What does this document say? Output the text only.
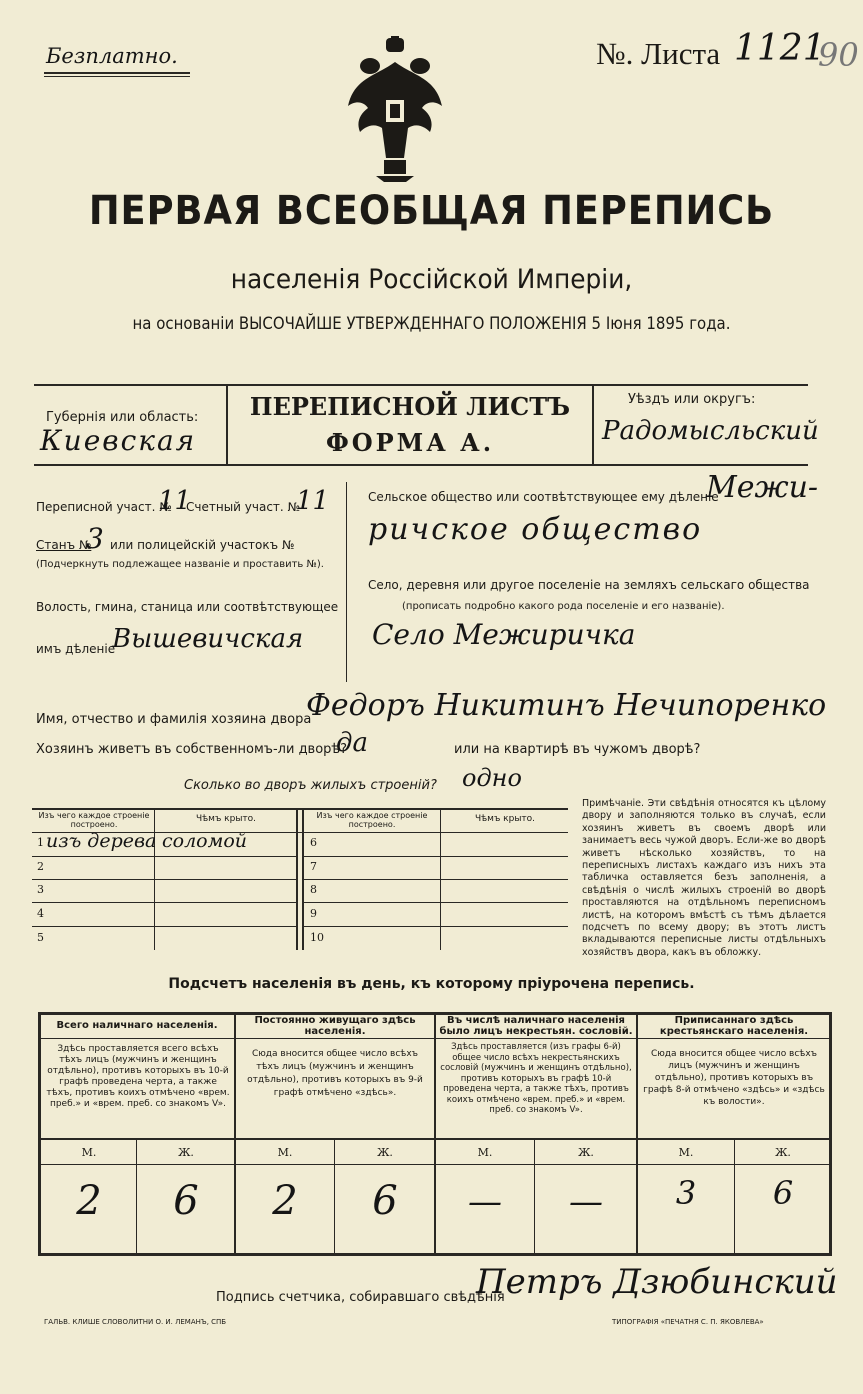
Безплатно.	№. Листа 1121
90
ПЕРВАЯ ВСЕОБЩАЯ ПЕРЕПИСЬ
населенія Россійской Имперіи,
на основаніи ВЫСОЧАЙШЕ УТВЕРЖДЕННАГО ПОЛОЖЕНІЯ 5 Іюня 1895 года.
Губернія или область:
Киевская
ПЕРЕПИСНОЙ ЛИСТЪ
ФОРМА А.
Уѣздъ или округъ:
Радомысльский
Переписной участ. №
11
Счетный участ. №
11
Станъ №
3 или полицейскій участокъ №
(Подчеркнуть подлежащее названіе и проставить №).
Волость, гмина, станица или соотвѣтствующее
имъ дѣленіе
Вышевичская
Сельское общество или соотвѣтствующее ему дѣленіе
Межи-
ричское общество
Село, деревня или другое поселеніе на земляхъ сельскаго общества
(прописать подробно какого рода поселеніе и его названіе).
Село Межиричка
Имя, отчество и фамилія хозяина двора
Федоръ Никитинъ Нечипоренко
Хозяинъ живетъ въ собственномъ-ли дворѣ?
да	или на квартирѣ въ чужомъ дворѣ?
Сколько во дворъ жилыхъ строеній? одно
Изъ чего каждое строеніе построено.
Чѣмъ крыто.	Изъ чего каждое строеніе построено.
Чѣмъ крыто.
1 изъ дерева соломой
2
3
4
5
6
7
8
9
10
Примѣчаніе. Эти свѣдѣнія относятся къ цѣлому двору и заполняются только въ случаѣ, если хозяинъ живетъ въ своемъ дворѣ или занимаетъ весь чужой дворъ. Если-же во дворѣ живетъ нѣсколько хозяйствъ, то на переписныхъ листахъ каждаго изъ нихъ эта табличка оставляется безъ заполненія, а свѣдѣнія о числѣ жилыхъ строеній во дворѣ проставляются на отдѣльномъ переписномъ листѣ, на которомъ вмѣстѣ съ тѣмъ дѣлается подсчетъ по всему двору; въ этотъ листъ вкладываются переписные листы отдѣльныхъ хозяйствъ двора, какъ въ обложку.
Подсчетъ населенія въ день, къ которому пріурочена перепись.
Всего наличнаго населенія.	Постоянно живущаго здѣсь населенія.
Въ числѣ наличнаго населенія было лицъ некрестьян. сословій.
Приписаннаго здѣсь крестьянскаго населенія.
Здѣсь проставляется всего всѣхъ тѣхъ лицъ (мужчинъ и женщинъ отдѣльно), противъ которыхъ въ 10-й графѣ проведена черта, а также тѣхъ, противъ коихъ отмѣчено «врем. преб.» и «врем. преб. со знакомъ V».
Сюда вносится общее число всѣхъ тѣхъ лицъ (мужчинъ и женщинъ отдѣльно), противъ которыхъ въ 9-й графѣ отмѣчено «здѣсь».
Здѣсь проставляется (изъ графы 6-й) общее число всѣхъ некрестьянскихъ сословій (мужчинъ и женщинъ отдѣльно), противъ которыхъ въ графѣ 10-й проведена черта, а также тѣхъ, противъ коихъ отмѣчено «врем. преб.» и «врем. преб. со знакомъ V».
Сюда вносится общее число всѣхъ лицъ (мужчинъ и женщинъ отдѣльно), противъ которыхъ въ графѣ 8-й отмѣчено «здѣсь» и «здѣсь къ волости».
М.	Ж.	М.	Ж.	М.	Ж.	М.	Ж.
2	6	2	6	—	—	3	6
Подпись счетчика, собиравшаго свѣдѣнія
Петръ Дзюбинский
ГАЛЬВ. КЛИШЕ СЛОВОЛИТНИ О. И. ЛЕМАНЪ, СПБ	ТИПОГРАФІЯ «ПЕЧАТНЯ С. П. ЯКОВЛЕВА»
